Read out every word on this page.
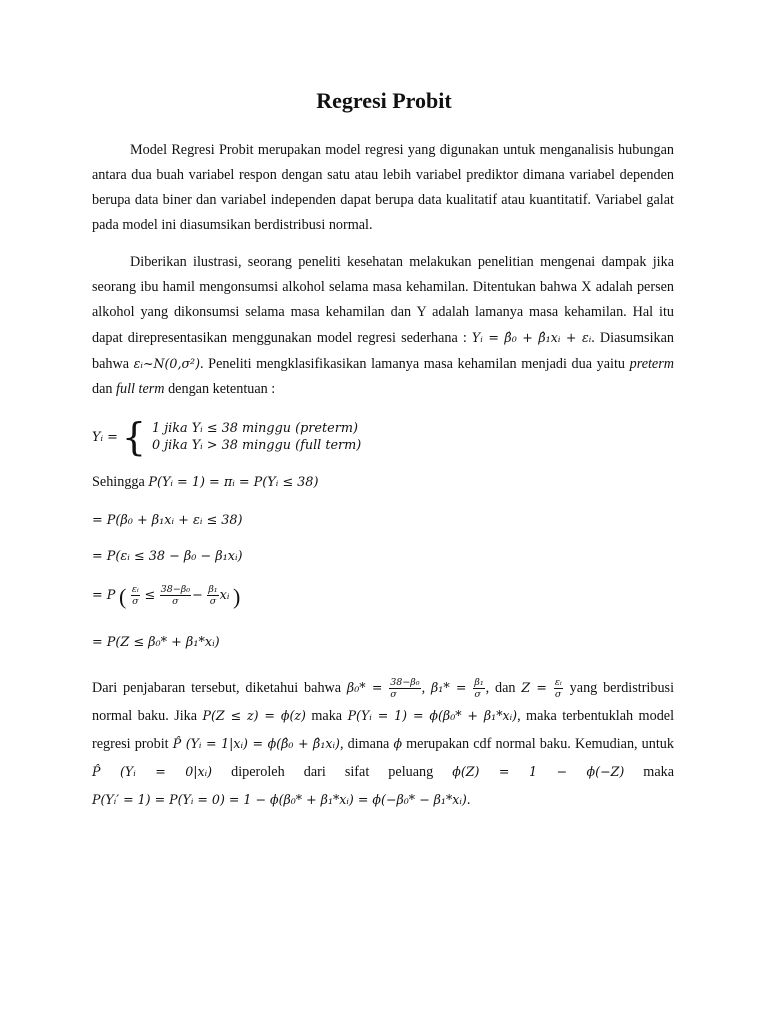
Regresi Probit

Model Regresi Probit merupakan model regresi yang digunakan untuk menganalisis hubungan antara dua buah variabel respon dengan satu atau lebih variabel prediktor dimana variabel dependen berupa data biner dan variabel independen dapat berupa data kualitatif atau kuantitatif. Variabel galat pada model ini diasumsikan berdistribusi normal.

Diberikan ilustrasi, seorang peneliti kesehatan melakukan penelitian mengenai dampak jika seorang ibu hamil mengonsumsi alkohol selama masa kehamilan. Ditentukan bahwa X adalah persen alkohol yang dikonsumsi selama masa kehamilan dan Y adalah lamanya masa kehamilan. Hal itu dapat direpresentasikan menggunakan model regresi sederhana : Yᵢ = β̂₀ + β̂₁xᵢ + εᵢ. Diasumsikan bahwa εᵢ~N(0,σ²). Peneliti mengklasifikasikan lamanya masa kehamilan menjadi dua yaitu preterm dan full term dengan ketentuan :

Yᵢ = { 1 jika Yᵢ ≤ 38 minggu (preterm)
0 jika Yᵢ > 38 minggu (full term)
Sehingga P(Yᵢ = 1) = πᵢ = P(Yᵢ ≤ 38)
= P(β₀ + β₁xᵢ + εᵢ ≤ 38)
= P(εᵢ ≤ 38 − β₀ − β₁xᵢ)
= P ( $\frac{\text{εᵢ}}{\sigma} \le \frac{\text{38−β₀}}{\sigma} - \frac{\text{β₁}}{\sigma}$ xᵢ )
= P(Z ≤ β₀* + β₁*xᵢ)

Dari penjabaran tersebut, diketahui bahwa $\beta_0* = \frac{\text{38−β₀}}{\sigma}$ , $\beta_1* = \frac{\text{β₁}}{\sigma}$ , dan $Z = \frac{\text{εᵢ}}{\sigma}$ yang berdistribusi normal baku. Jika P(Z ≤ z) = ϕ(z) maka P(Yᵢ = 1) = ϕ(β₀* + β₁*xᵢ), maka terbentuklah model regresi probit P̂ (Yᵢ = 1|xᵢ) = ϕ(β̂₀ + β̂₁xᵢ), dimana ϕ merupakan cdf normal baku. Kemudian, untuk P̂ (Yᵢ = 0|xᵢ) diperoleh dari sifat peluang ϕ(Z) = 1 − ϕ(−Z) maka P(Yᵢ′ = 1) = P(Yᵢ = 0) = 1 − ϕ(β₀* + β₁*xᵢ) = ϕ(−β₀* − β₁*xᵢ).
